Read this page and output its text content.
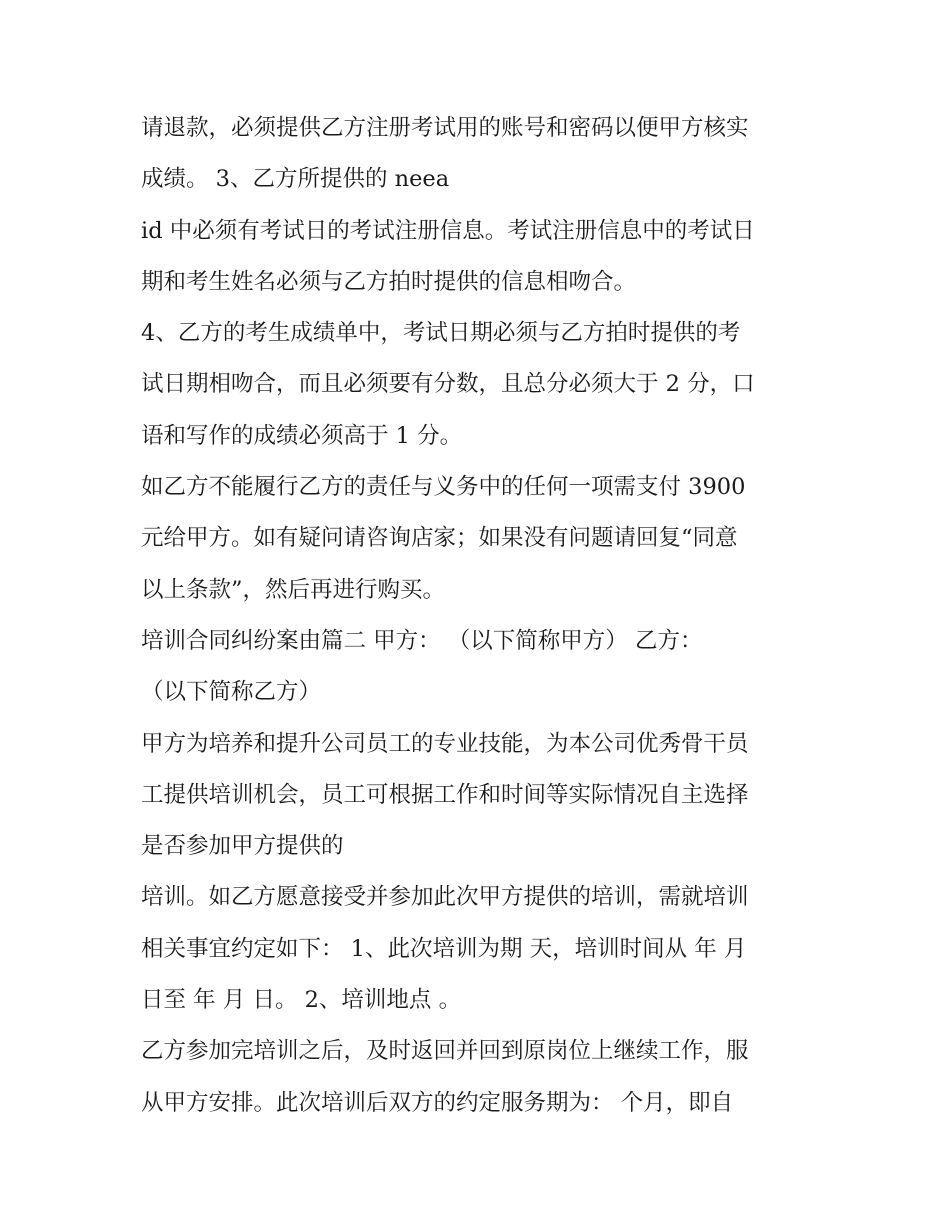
请退款，必须提供乙方注册考试用的账号和密码以便甲方核实
成绩。 3、乙方所提供的 neea
id 中必须有考试日的考试注册信息。考试注册信息中的考试日
期和考生姓名必须与乙方拍时提供的信息相吻合。
4、乙方的考生成绩单中，考试日期必须与乙方拍时提供的考
试日期相吻合，而且必须要有分数，且总分必须大于 2 分，口
语和写作的成绩必须高于 1 分。
如乙方不能履行乙方的责任与义务中的任何一项需支付 3900
元给甲方。如有疑问请咨询店家；如果没有问题请回复“同意
以上条款”，然后再进行购买。
培训合同纠纷案由篇二 甲方： （以下简称甲方） 乙方：
（以下简称乙方）
甲方为培养和提升公司员工的专业技能，为本公司优秀骨干员
工提供培训机会，员工可根据工作和时间等实际情况自主选择
是否参加甲方提供的
培训。如乙方愿意接受并参加此次甲方提供的培训，需就培训
相关事宜约定如下： 1、此次培训为期 天，培训时间从 年 月
日至 年 月 日。 2、培训地点 。
乙方参加完培训之后，及时返回并回到原岗位上继续工作，服
从甲方安排。此次培训后双方的约定服务期为： 个月，即自
